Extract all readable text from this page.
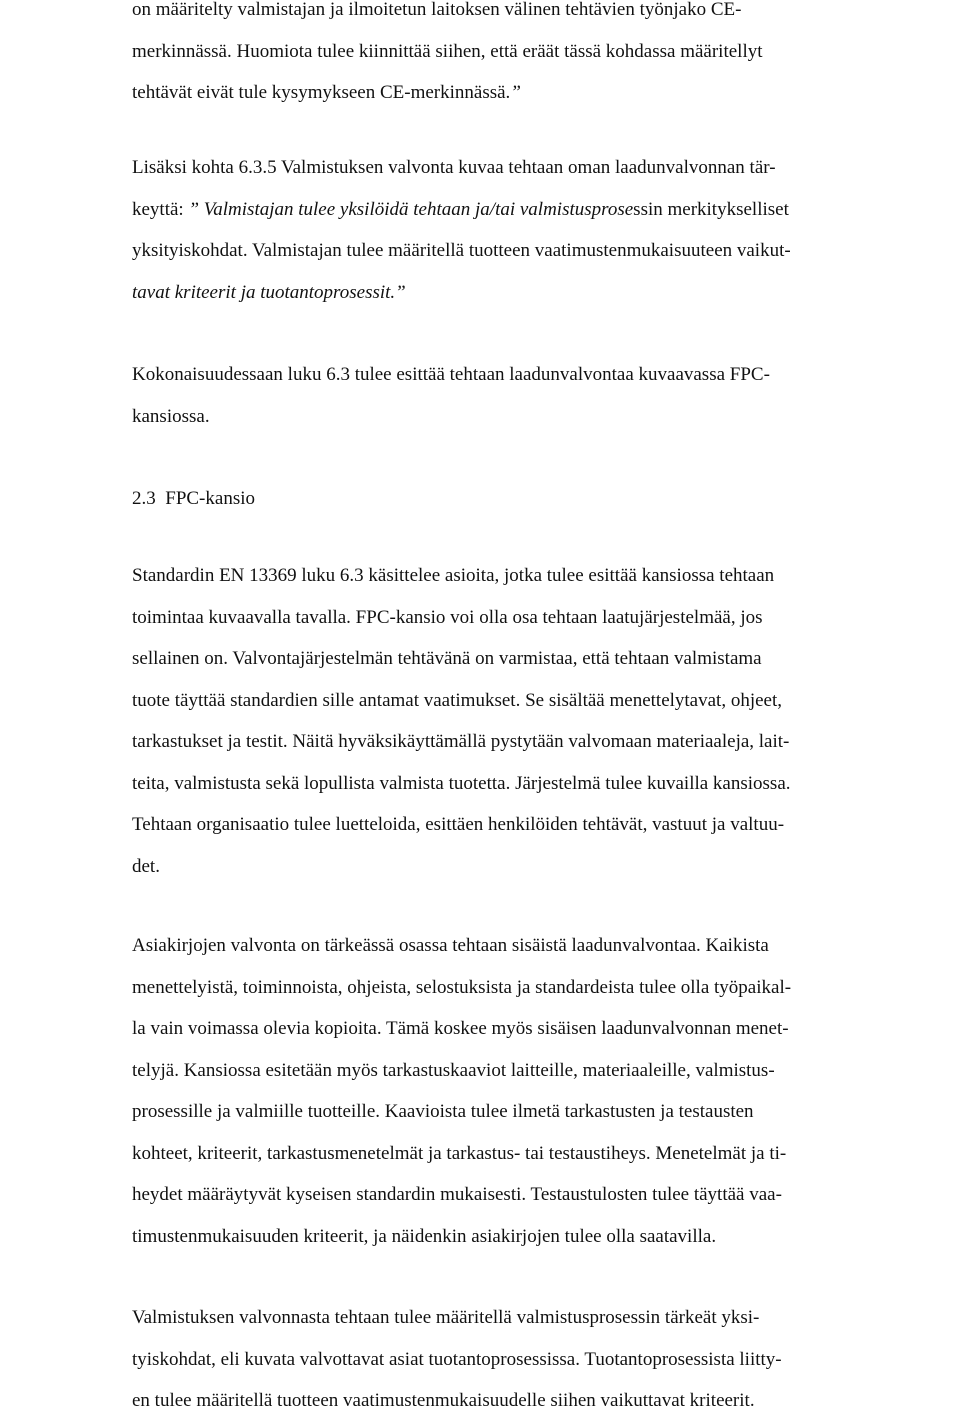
on määritelty valmistajan ja ilmoitetun laitoksen välinen tehtävien työnjako CE-
merkinnässä. Huomiota tulee kiinnittää siihen, että eräät tässä kohdassa määritellyt
tehtävät eivät tule kysymykseen CE-merkinnässä.”
Lisäksi kohta 6.3.5 Valmistuksen valvonta kuvaa tehtaan oman laadunvalvonnan tär-
keyttä: ” Valmistajan tulee yksilöidä tehtaan ja/tai valmistusprosessin merkitykselliset
yksityiskohdat. Valmistajan tulee määritellä tuotteen vaatimustenmukaisuuteen vaikut-
tavat kriteerit ja tuotantoprosessit.”
Kokonaisuudessaan luku 6.3 tulee esittää tehtaan laadunvalvontaa kuvaavassa FPC-
kansiossa.
2.3 FPC-kansio
Standardin EN 13369 luku 6.3 käsittelee asioita, jotka tulee esittää kansiossa tehtaan
toimintaa kuvaavalla tavalla. FPC-kansio voi olla osa tehtaan laatujärjestelmää, jos
sellainen on. Valvontajärjestelmän tehtävänä on varmistaa, että tehtaan valmistama
tuote täyttää standardien sille antamat vaatimukset. Se sisältää menettelytavat, ohjeet,
tarkastukset ja testit. Näitä hyväksikäyttämällä pystytään valvomaan materiaaleja, lait-
teita, valmistusta sekä lopullista valmista tuotetta. Järjestelmä tulee kuvailla kansiossa.
Tehtaan organisaatio tulee luetteloida, esittäen henkilöiden tehtävät, vastuut ja valtuu-
det.
Asiakirjojen valvonta on tärkeässä osassa tehtaan sisäistä laadunvalvontaa. Kaikista
menettelyistä, toiminnoista, ohjeista, selostuksista ja standardeista tulee olla työpaikal-
la vain voimassa olevia kopioita. Tämä koskee myös sisäisen laadunvalvonnan menet-
telyjä. Kansiossa esitetään myös tarkastuskaaviot laitteille, materiaaleille, valmistus-
prosessille ja valmiille tuotteille. Kaavioista tulee ilmetä tarkastusten ja testausten
kohteet, kriteerit, tarkastusmenetelmät ja tarkastus- tai testaustiheys. Menetelmät ja ti-
heydet määräytyvät kyseisen standardin mukaisesti. Testaustulosten tulee täyttää vaa-
timustenmukaisuuden kriteerit, ja näidenkin asiakirjojen tulee olla saatavilla.
Valmistuksen valvonnasta tehtaan tulee määritellä valmistusprosessin tärkeät yksi-
tyiskohdat, eli kuvata valvottavat asiat tuotantoprosessissa. Tuotantoprosessista liitty-
en tulee määritellä tuotteen vaatimustenmukaisuudelle siihen vaikuttavat kriteerit.
